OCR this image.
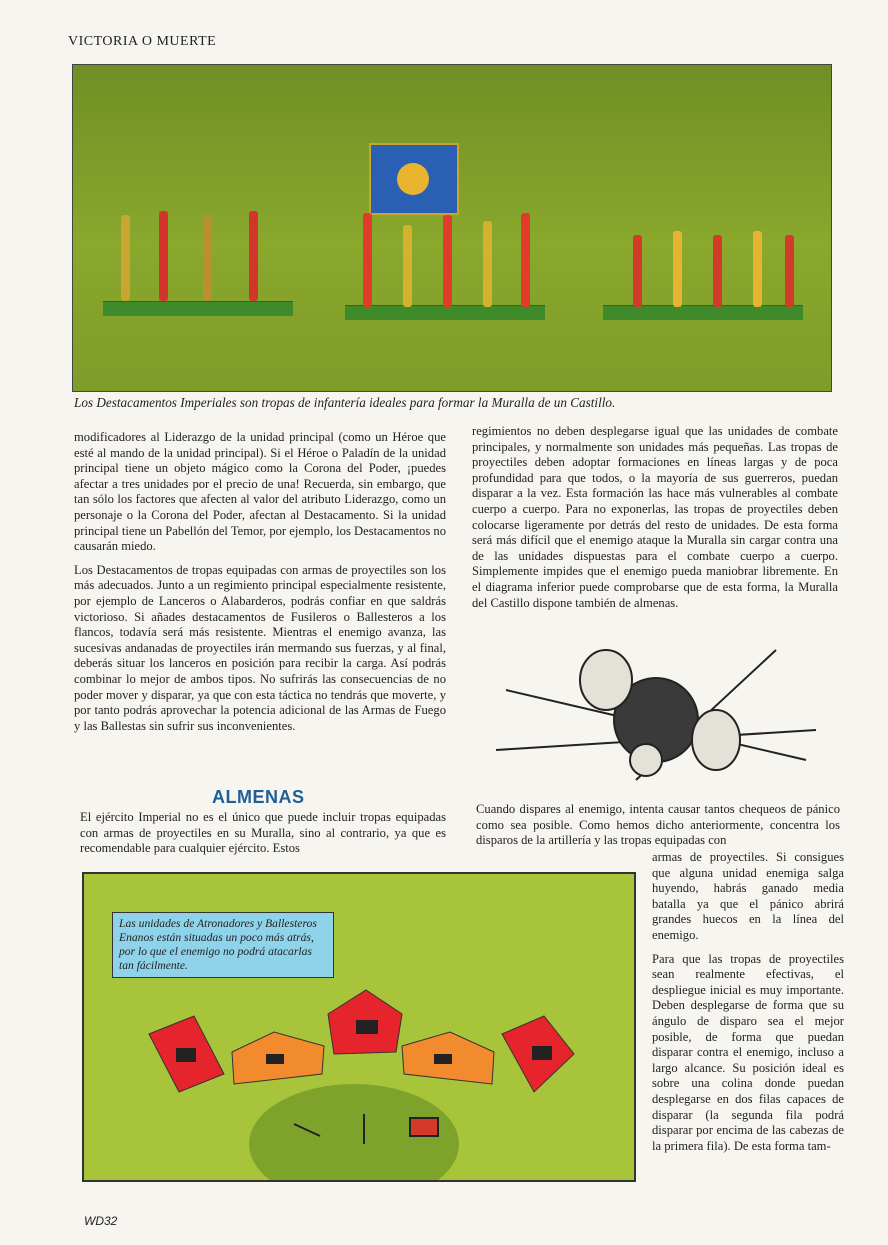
VICTORIA O MUERTE
Los Destacamentos Imperiales son tropas de infantería ideales para formar la Muralla de un Castillo.

modificadores al Liderazgo de la unidad principal (como un Héroe que esté al mando de la unidad principal). Si el Héroe o Paladín de la unidad principal tiene un objeto mágico como la Corona del Poder, ¡puedes afectar a tres unidades por el precio de una! Recuerda, sin embargo, que tan sólo los factores que afecten al valor del atributo Liderazgo, como un personaje o la Corona del Poder, afectan al Destacamento. Si la unidad principal tiene un Pabellón del Temor, por ejemplo, los Destacamentos no causarán miedo.

Los Destacamentos de tropas equipadas con armas de proyectiles son los más adecuados. Junto a un regimiento principal especialmente resistente, por ejemplo de Lanceros o Alabarderos, podrás confiar en que saldrás victorioso. Si añades destacamentos de Fusileros o Ballesteros a los flancos, todavía será más resistente. Mientras el enemigo avanza, las sucesivas andanadas de proyectiles irán mermando sus fuerzas, y al final, deberás situar los lanceros en posición para recibir la carga. Así podrás combinar lo mejor de ambos tipos. No sufrirás las consecuencias de no poder mover y disparar, ya que con esta táctica no tendrás que moverte, y por tanto podrás aprovechar la potencia adicional de las Armas de Fuego y las Ballestas sin sufrir sus inconvenientes.

regimientos no deben desplegarse igual que las unidades de combate principales, y normalmente son unidades más pequeñas. Las tropas de proyectiles deben adoptar formaciones en líneas largas y de poca profundidad para que todos, o la mayoría de sus guerreros, puedan disparar a la vez. Esta formación las hace más vulnerables al combate cuerpo a cuerpo. Para no exponerlas, las tropas de proyectiles deben colocarse ligeramente por detrás del resto de unidades. De esta forma será más difícil que el enemigo ataque la Muralla sin cargar contra una de las unidades dispuestas para el combate cuerpo a cuerpo. Simplemente impides que el enemigo pueda maniobrar libremente. En el diagrama inferior puede comprobarse que de esta forma, la Muralla del Castillo dispone también de almenas.

ALMENAS
El ejército Imperial no es el único que puede incluir tropas equipadas con armas de proyectiles en su Muralla, sino al contrario, ya que es recomendable para cualquier ejército. Estos
Cuando dispares al enemigo, intenta causar tantos chequeos de pánico como sea posible. Como hemos dicho anteriormente, concentra los disparos de la artillería y las tropas equipadas con

armas de proyectiles. Si consigues que alguna unidad enemiga salga huyendo, habrás ganado media batalla ya que el pánico abrirá grandes huecos en la línea del enemigo.

Para que las tropas de proyectiles sean realmente efectivas, el despliegue inicial es muy importante. Deben desplegarse de forma que su ángulo de disparo sea el mejor posible, de forma que puedan disparar contra el enemigo, incluso a largo alcance. Su posición ideal es sobre una colina donde puedan desplegarse en dos filas capaces de disparar (la segunda fila podrá disparar por encima de las cabezas de la primera fila). De esta forma tam-

Las unidades de Atronadores y Ballesteros Enanos están situadas un poco más atrás, por lo que el enemigo no podrá atacarlas tan fácilmente.
WD32
